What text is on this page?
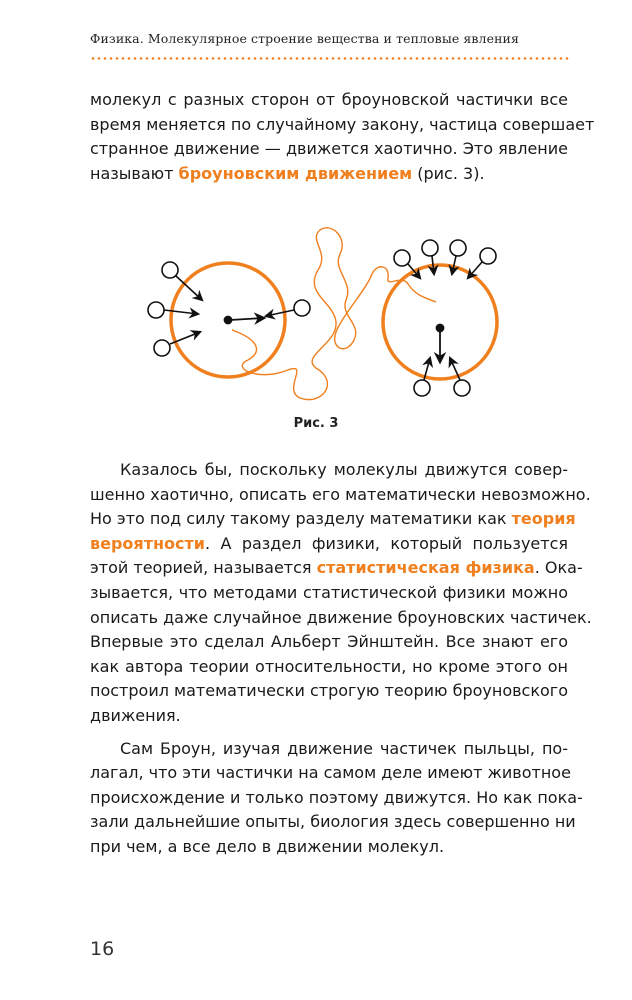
Физика. Молекулярное строение вещества и тепловые явления
молекул с разных сторон от броуновской частички все
время меняется по случайному закону, частица совершает
странное движение — движется хаотично. Это явление
называют броуновским движением (рис. 3).
Рис. 3

Казалось бы, поскольку молекулы движутся совер-
шенно хаотично, описать его математически невозможно.
Но это под силу такому разделу математики как теория
вероятности. А раздел физики, который пользуется
этой теорией, называется статистическая физика. Ока-
зывается, что методами статистической физики можно
описать даже случайное движение броуновских частичек.
Впервые это сделал Альберт Эйнштейн. Все знают его
как автора теории относительности, но кроме этого он
построил математически строгую теорию броуновского
движения.

Сам Броун, изучая движение частичек пыльцы, по-
лагал, что эти частички на самом деле имеют животное
происхождение и только поэтому движутся. Но как пока-
зали дальнейшие опыты, биология здесь совершенно ни
при чем, а все дело в движении молекул.

16
